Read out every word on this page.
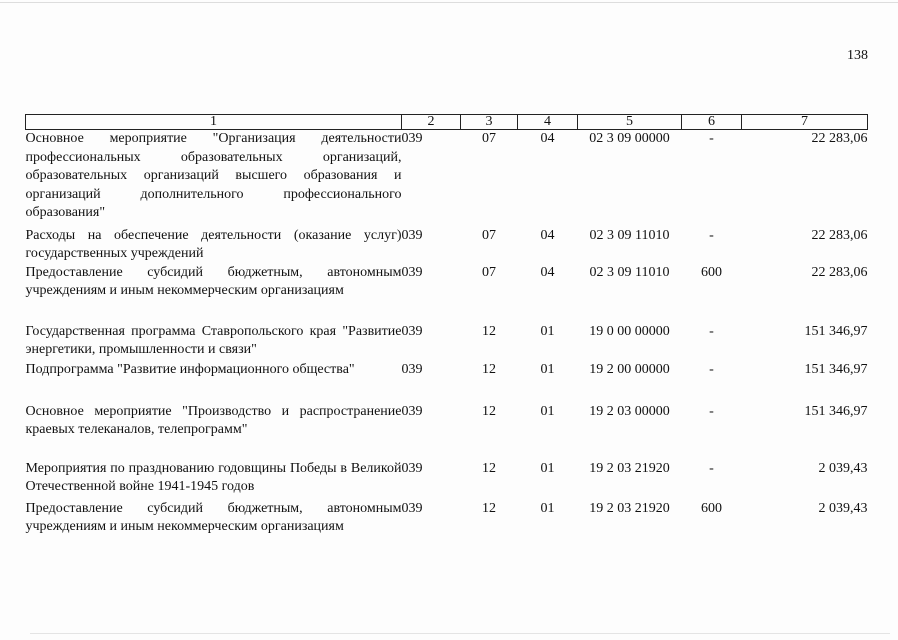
138
1	2	3	4	5	6	7
Основное мероприятие "Организация деятельности профессиональных образовательных организаций, образовательных организаций высшего образования и организаций дополнительного профессионального образования"	039	07	04	02 3 09 00000	-	22 283,06
Расходы на обеспечение деятельности (оказание услуг) государственных учреждений	039	07	04	02 3 09 11010	-	22 283,06
Предоставление субсидий бюджетным, автономным учреждениям и иным некоммерческим организациям	039	07	04	02 3 09 11010	600	22 283,06
Государственная программа Ставропольского края "Развитие энергетики, промышленности и связи"	039	12	01	19 0 00 00000	-	151 346,97
Подпрограмма "Развитие информационного общества"	039	12	01	19 2 00 00000	-	151 346,97
Основное мероприятие "Производство и распространение краевых телеканалов, телепрограмм"	039	12	01	19 2 03 00000	-	151 346,97
Мероприятия по празднованию годовщины Победы в Великой Отечественной войне 1941-1945 годов	039	12	01	19 2 03 21920	-	2 039,43
Предоставление субсидий бюджетным, автономным учреждениям и иным некоммерческим организациям	039	12	01	19 2 03 21920	600	2 039,43
